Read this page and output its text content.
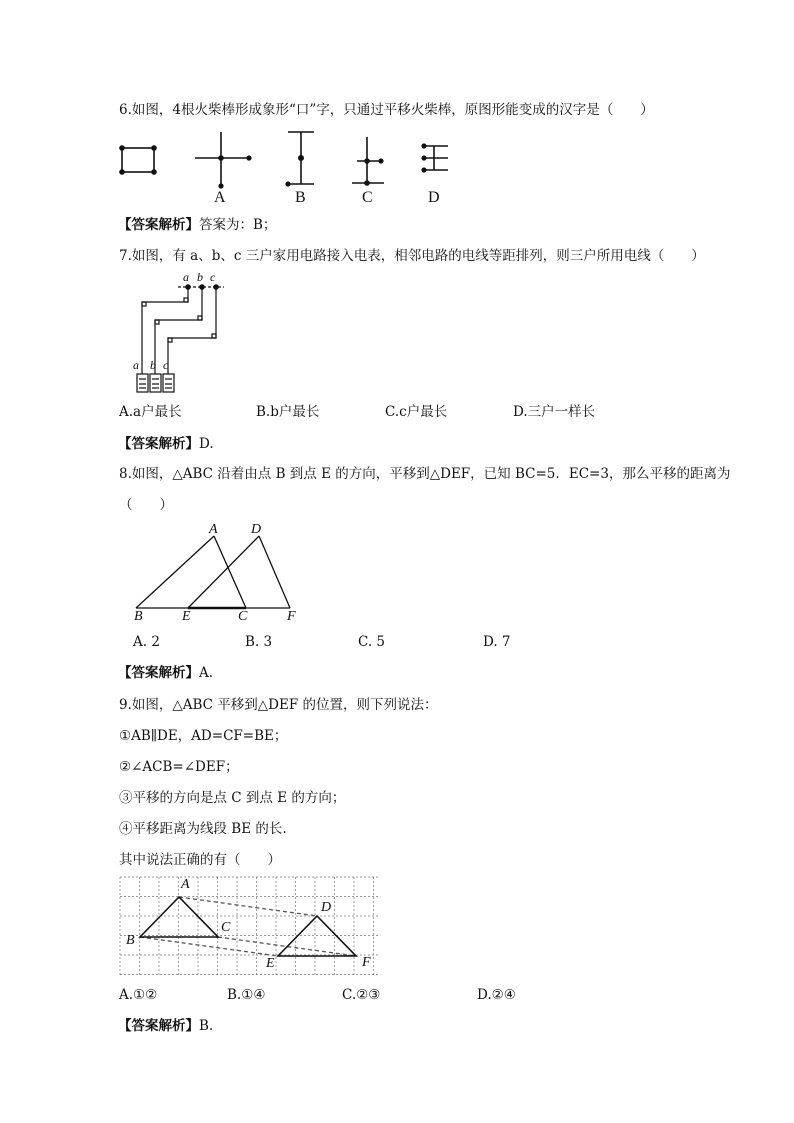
6.如图，4根火柴棒形成象形“口”字，只通过平移火柴棒，原图形能变成的汉字是（　　）
A	B	C	D
【答案解析】答案为：B；
7.如图，有 a、b、c 三户家用电路接入电表，相邻电路的电线等距排列，则三户所用电线（　　）
a b c
a b c
A.a户最长	B.b户最长	C.c户最长	D.三户一样长
【答案解析】D.
8.如图，△ABC 沿着由点 B 到点 E 的方向，平移到△DEF，已知 BC=5．EC=3，那么平移的距离为
（　　）
A D
B	E	C	F
A. 2	B. 3	C. 5	D. 7
【答案解析】A.
9.如图，△ABC 平移到△DEF 的位置，则下列说法：
①AB∥DE，AD=CF=BE；
②∠ACB=∠DEF；
③平移的方向是点 C 到点 E 的方向；
④平移距离为线段 BE 的长.
其中说法正确的有（　　）
A
B
C
D
E	F
A.①②	B.①④	C.②③	D.②④
【答案解析】B.
